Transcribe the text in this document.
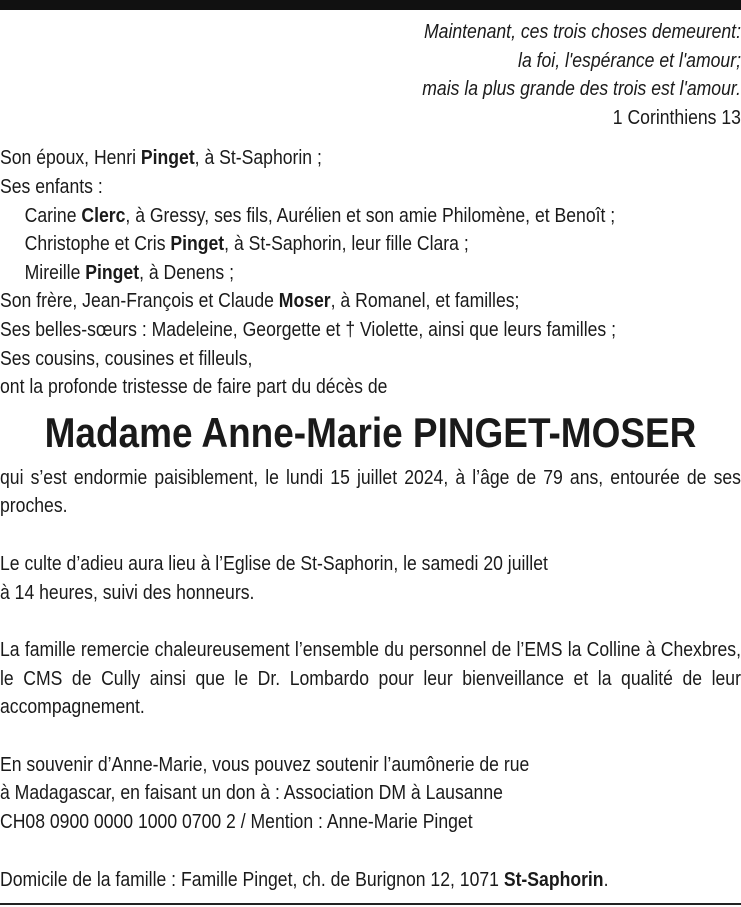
Maintenant, ces trois choses demeurent:
la foi, l'espérance et l'amour;
mais la plus grande des trois est l'amour.
1 Corinthiens 13
Son époux, Henri Pinget, à St-Saphorin ;
Ses enfants :
Carine Clerc, à Gressy, ses fils, Aurélien et son amie Philomène, et Benoît ;
Christophe et Cris Pinget, à St-Saphorin, leur fille Clara ;
Mireille Pinget, à Denens ;
Son frère, Jean-François et Claude Moser, à Romanel, et familles;
Ses belles-sœurs : Madeleine, Georgette et † Violette, ainsi que leurs familles ;
Ses cousins, cousines et filleuls,
ont la profonde tristesse de faire part du décès de
Madame Anne-Marie PINGET-MOSER
qui s’est endormie paisiblement, le lundi 15 juillet 2024, à l’âge de 79 ans, entourée de ses proches.
Le culte d’adieu aura lieu à l’Eglise de St-Saphorin, le samedi 20 juillet
à 14 heures, suivi des honneurs.
La famille remercie chaleureusement l’ensemble du personnel de l’EMS la Colline à Chexbres, le CMS de Cully ainsi que le Dr. Lombardo pour leur bienveillance et la qualité de leur accompagnement.
En souvenir d’Anne-Marie, vous pouvez soutenir l’aumônerie de rue
à Madagascar, en faisant un don à : Association DM à Lausanne
CH08 0900 0000 1000 0700 2 / Mention : Anne-Marie Pinget
Domicile de la famille : Famille Pinget, ch. de Burignon 12, 1071 St-Saphorin.
